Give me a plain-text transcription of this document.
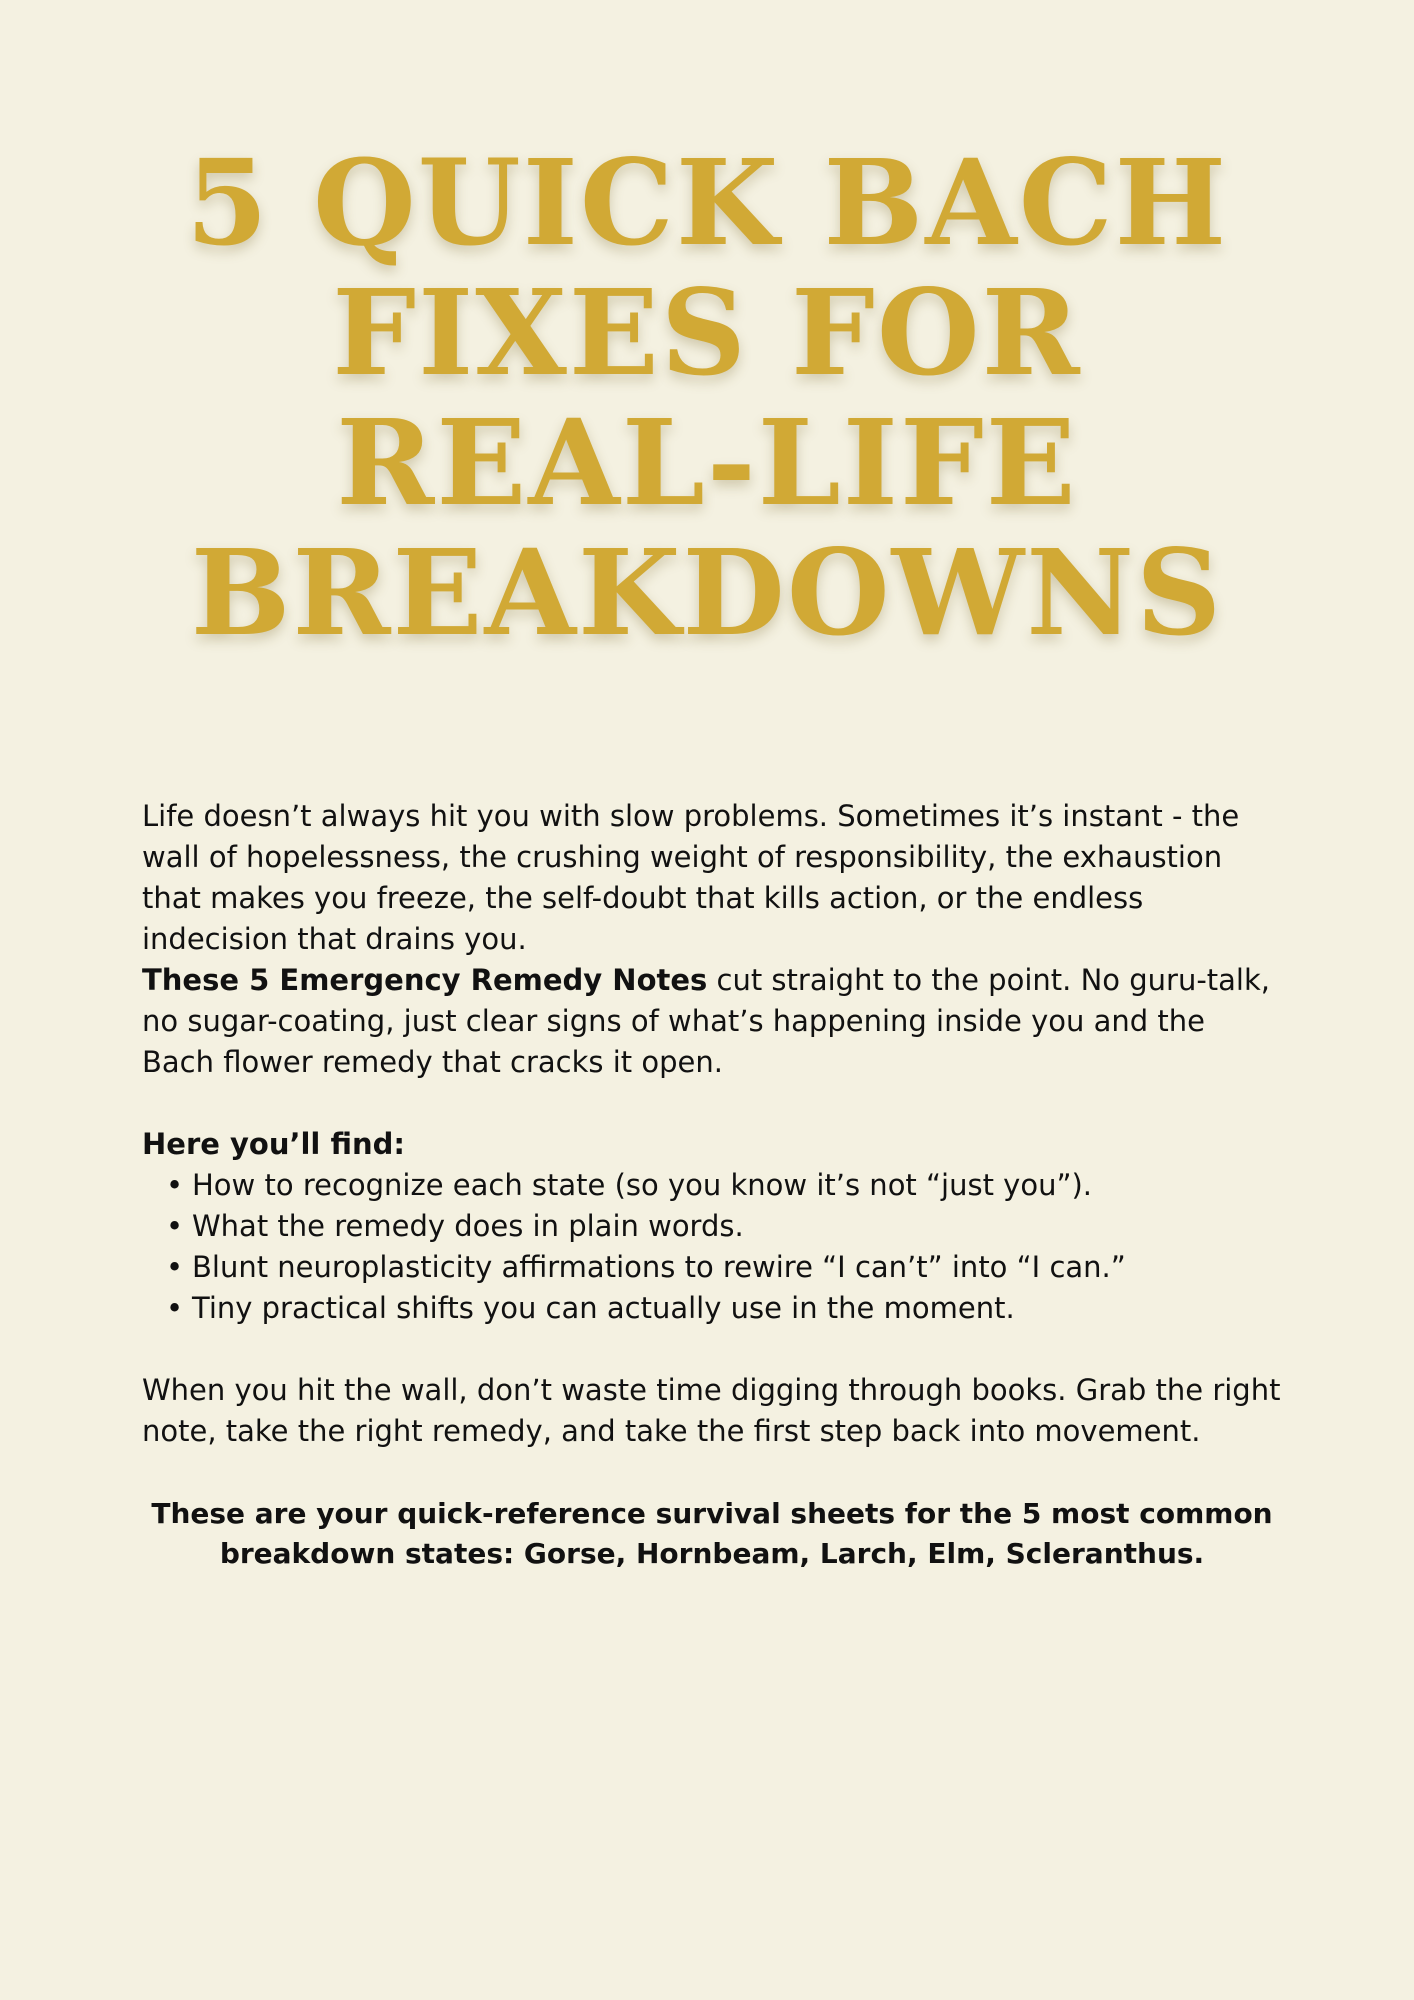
5 QUICK BACH
FIXES FOR
REAL-LIFE
BREAKDOWNS

Life doesn’t always hit you with slow problems. Sometimes it’s instant - the wall of hopelessness, the crushing weight of responsibility, the exhaustion that makes you freeze, the self-doubt that kills action, or the endless indecision that drains you.

These 5 Emergency Remedy Notes cut straight to the point. No guru-talk, no sugar-coating, just clear signs of what’s happening inside you and the Bach flower remedy that cracks it open.

Here you’ll find:

• How to recognize each state (so you know it’s not “just you”).
• What the remedy does in plain words.
• Blunt neuroplasticity affirmations to rewire “I can’t” into “I can.”
• Tiny practical shifts you can actually use in the moment.

When you hit the wall, don’t waste time digging through books. Grab the right note, take the right remedy, and take the first step back into movement.

These are your quick-reference survival sheets for the 5 most common breakdown states: Gorse, Hornbeam, Larch, Elm, Scleranthus.
